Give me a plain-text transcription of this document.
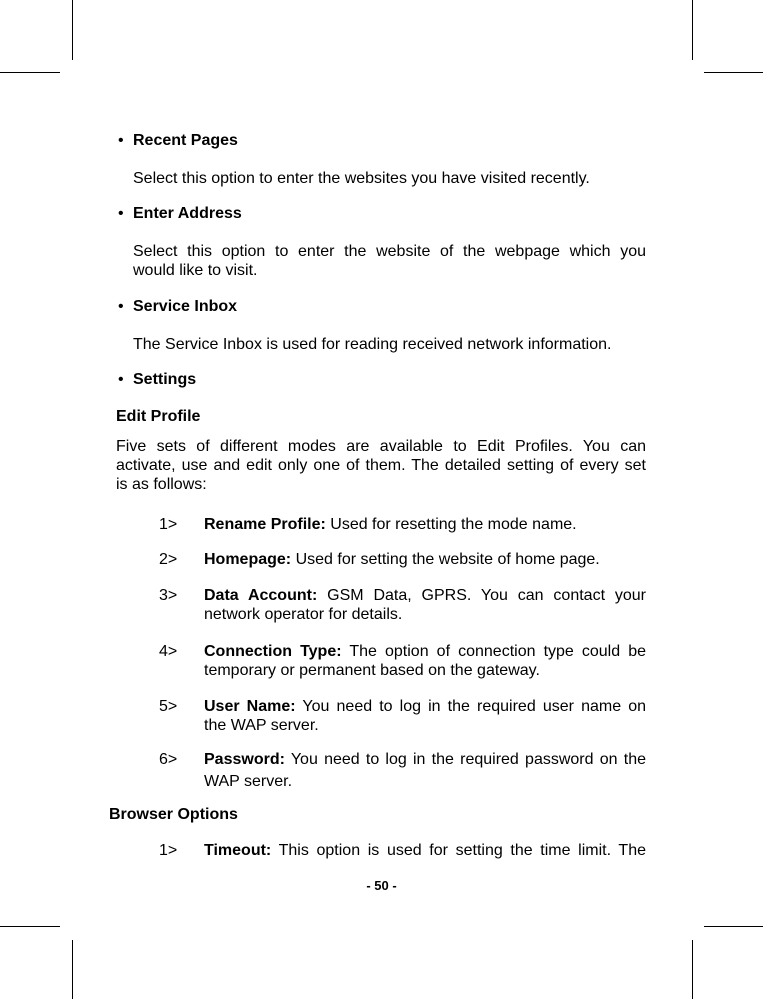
• Recent Pages
Select this option to enter the websites you have visited recently.
• Enter Address
Select this option to enter the website of the webpage which you
would like to visit.
• Service Inbox
The Service Inbox is used for reading received network information.
• Settings
Edit Profile
Five sets of different modes are available to Edit Profiles. You can
activate, use and edit only one of them. The detailed setting of every set
is as follows:
1> Rename Profile: Used for resetting the mode name.
2> Homepage: Used for setting the website of home page.
3> Data Account: GSM Data, GPRS. You can contact your
network operator for details.
4> Connection Type: The option of connection type could be
temporary or permanent based on the gateway.
5> User Name: You need to log in the required user name on
the WAP server.
6> Password: You need to log in the required password on the
WAP server.
Browser Options
1> Timeout: This option is used for setting the time limit. The
- 50 -
